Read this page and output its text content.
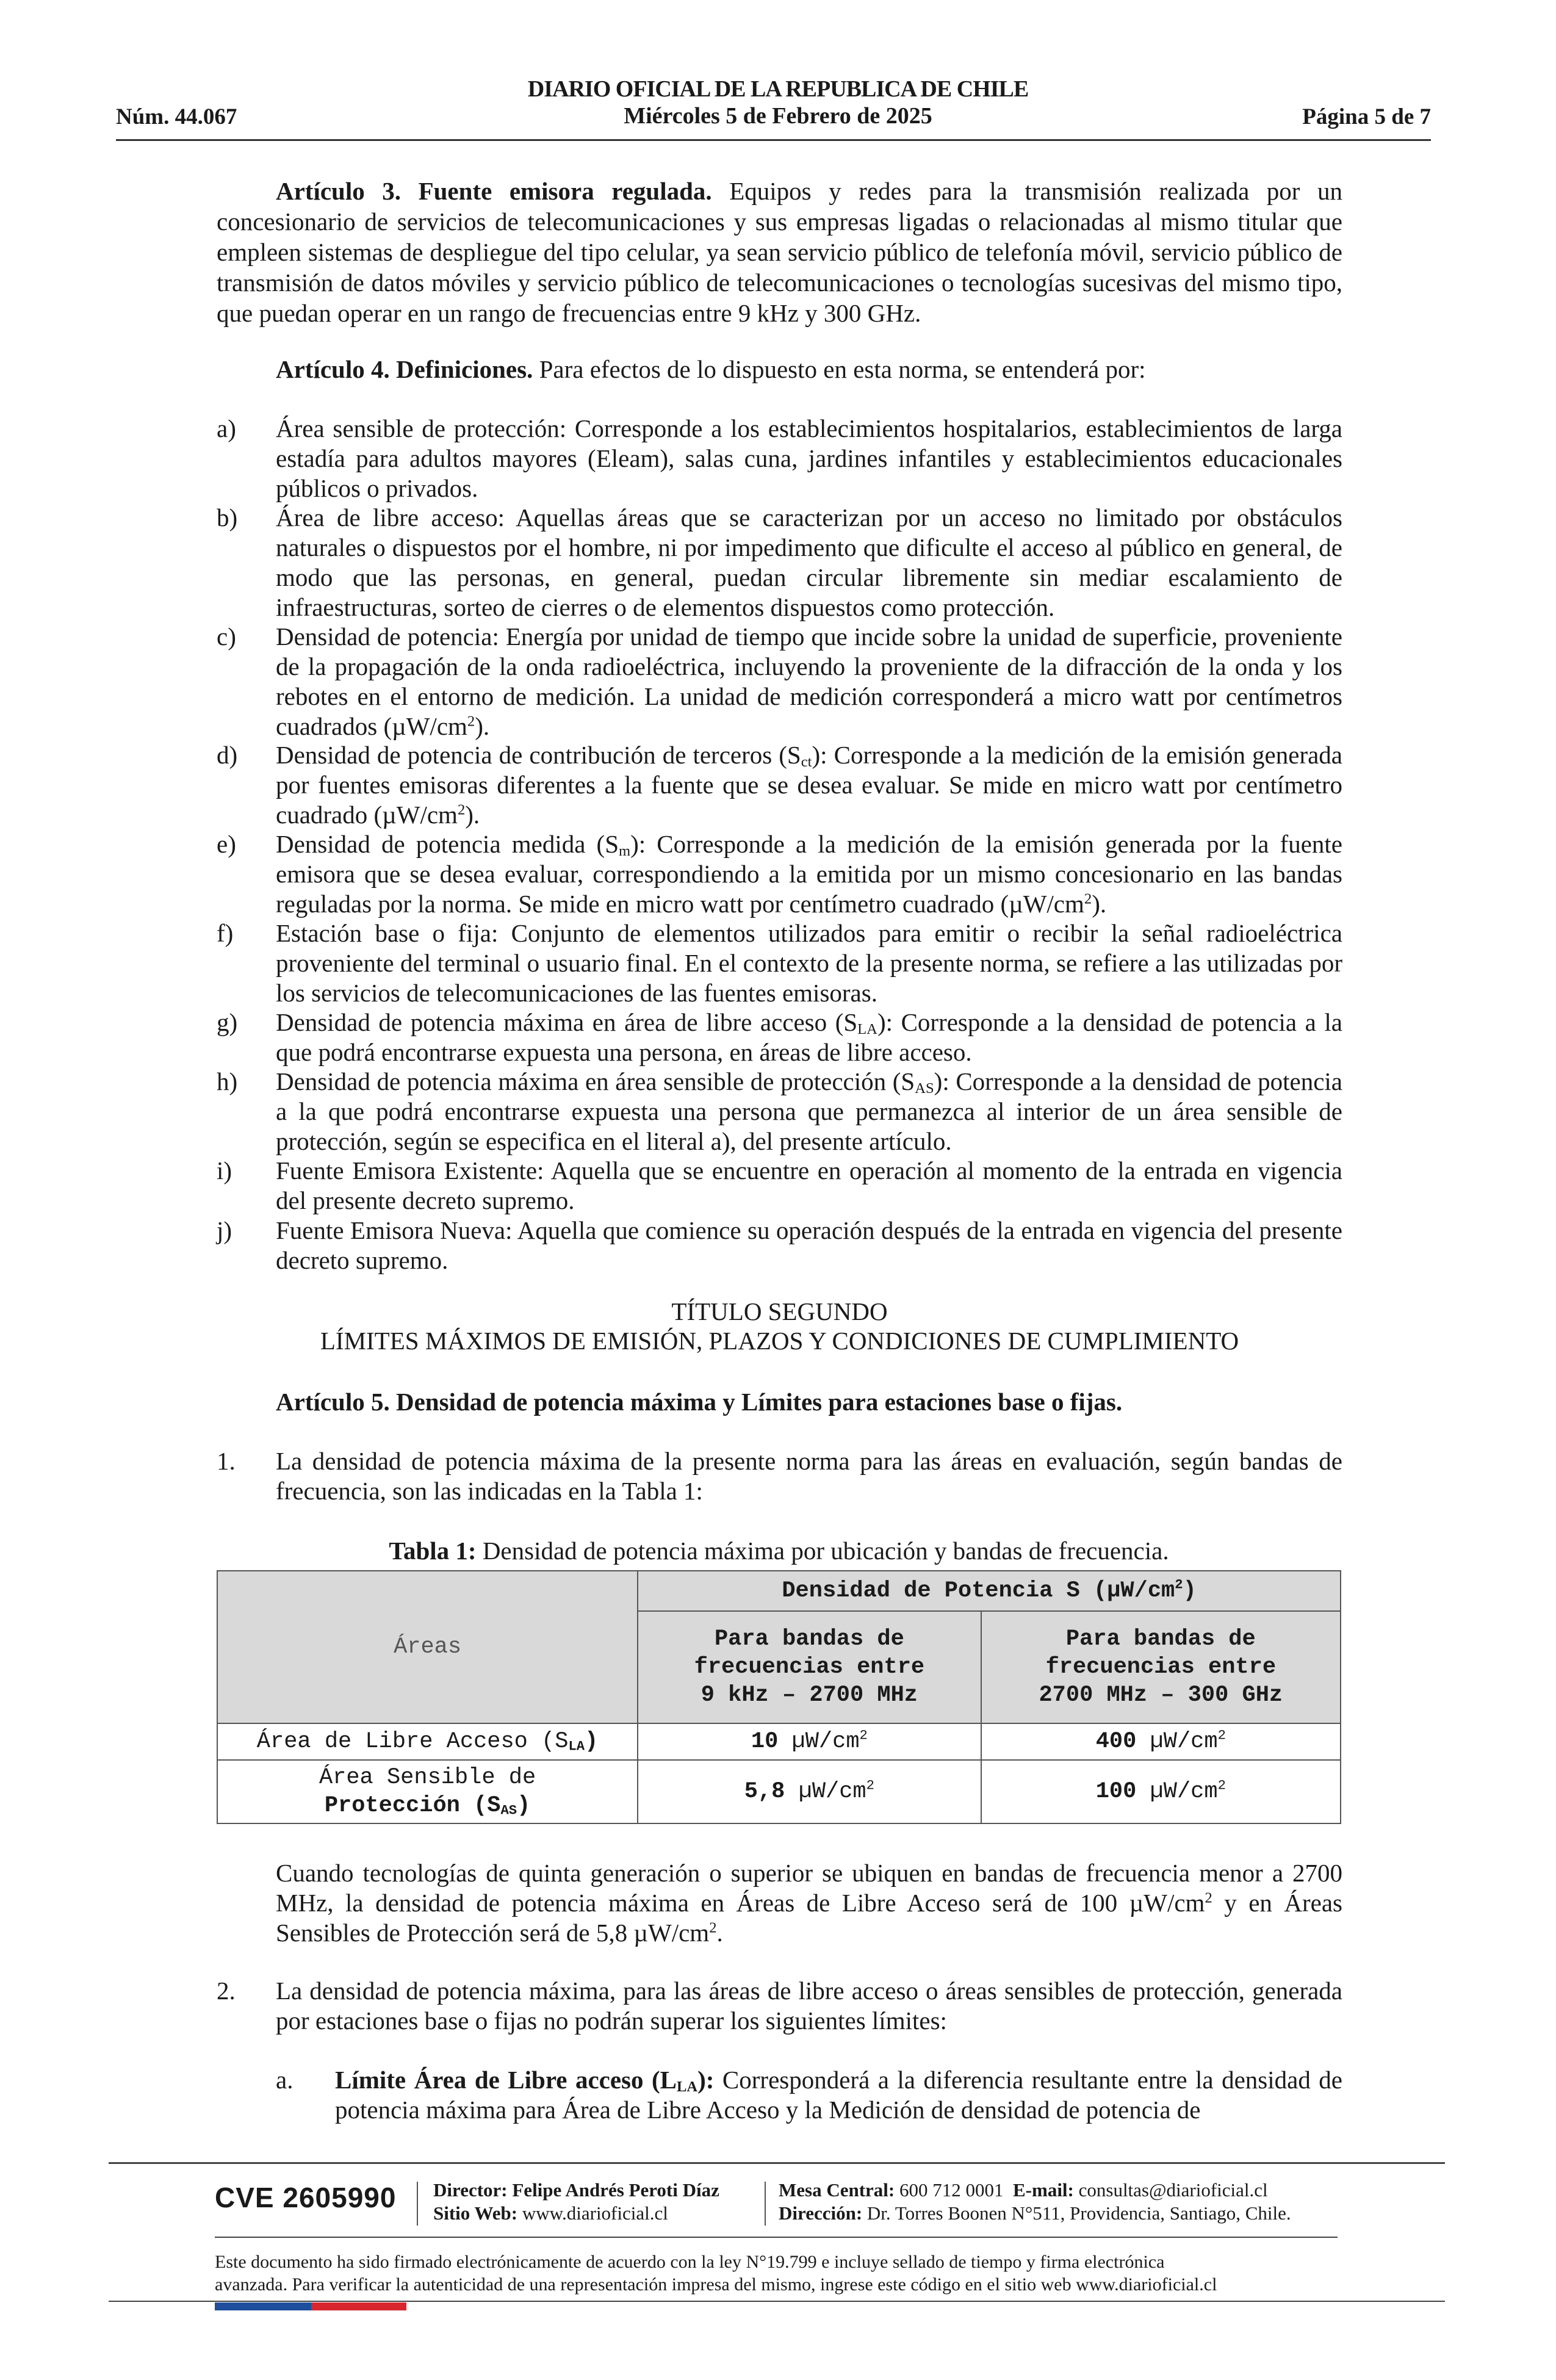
Núm. 44.067
DIARIO OFICIAL DE LA REPUBLICA DE CHILE
Miércoles 5 de Febrero de 2025	Página 5 de 7

Artículo 3. Fuente emisora regulada. Equipos y redes para la transmisión realizada por un concesionario de servicios de telecomunicaciones y sus empresas ligadas o relacionadas al mismo titular que empleen sistemas de despliegue del tipo celular, ya sean servicio público de telefonía móvil, servicio público de transmisión de datos móviles y servicio público de telecomunicaciones o tecnologías sucesivas del mismo tipo, que puedan operar en un rango de frecuencias entre 9 kHz y 300 GHz.

Artículo 4. Definiciones. Para efectos de lo dispuesto en esta norma, se entenderá por:

a) Área sensible de protección: Corresponde a los establecimientos hospitalarios, establecimientos de larga estadía para adultos mayores (Eleam), salas cuna, jardines infantiles y establecimientos educacionales públicos o privados.
b) Área de libre acceso: Aquellas áreas que se caracterizan por un acceso no limitado por obstáculos naturales o dispuestos por el hombre, ni por impedimento que dificulte el acceso al público en general, de modo que las personas, en general, puedan circular libremente sin mediar escalamiento de infraestructuras, sorteo de cierres o de elementos dispuestos como protección.
c) Densidad de potencia: Energía por unidad de tiempo que incide sobre la unidad de superficie, proveniente de la propagación de la onda radioeléctrica, incluyendo la proveniente de la difracción de la onda y los rebotes en el entorno de medición. La unidad de medición corresponderá a micro watt por centímetros cuadrados $(\mu W/cm^2)$.
d) Densidad de potencia de contribución de terceros $(S_{ct})$: Corresponde a la medición de la emisión generada por fuentes emisoras diferentes a la fuente que se desea evaluar. Se mide en micro watt por centímetro cuadrado $(\mu W/cm^2)$.
e) Densidad de potencia medida $(S_m)$: Corresponde a la medición de la emisión generada por la fuente emisora que se desea evaluar, correspondiendo a la emitida por un mismo concesionario en las bandas reguladas por la norma. Se mide en micro watt por centímetro cuadrado $(\mu W/cm^2)$.
f) Estación base o fija: Conjunto de elementos utilizados para emitir o recibir la señal radioeléctrica proveniente del terminal o usuario final. En el contexto de la presente norma, se refiere a las utilizadas por los servicios de telecomunicaciones de las fuentes emisoras.
g) Densidad de potencia máxima en área de libre acceso $(S_{LA})$: Corresponde a la densidad de potencia a la que podrá encontrarse expuesta una persona, en áreas de libre acceso.
h) Densidad de potencia máxima en área sensible de protección $(S_{AS})$: Corresponde a la densidad de potencia a la que podrá encontrarse expuesta una persona que permanezca al interior de un área sensible de protección, según se especifica en el literal a), del presente artículo.
i) Fuente Emisora Existente: Aquella que se encuentre en operación al momento de la entrada en vigencia del presente decreto supremo.
j) Fuente Emisora Nueva: Aquella que comience su operación después de la entrada en vigencia del presente decreto supremo.
TÍTULO SEGUNDO
LÍMITES MÁXIMOS DE EMISIÓN, PLAZOS Y CONDICIONES DE CUMPLIMIENTO

Artículo 5. Densidad de potencia máxima y Límites para estaciones base o fijas.

1. La densidad de potencia máxima de la presente norma para las áreas en evaluación, según bandas de frecuencia, son las indicadas en la Tabla 1:
Tabla 1: Densidad de potencia máxima por ubicación y bandas de frecuencia.
Áreas	Densidad de Potencia S $(\mu W/cm^2)$	
	Para bandas de
frecuencias entre
9 kHz – 2700 MHz	Para bandas de
frecuencias entre
2700 MHz – 300 GHz
Área de Libre Acceso $(S_{LA})$	10 $\mu W/cm^2$	400 $\mu W/cm^2$
Área Sensible de
Protección $(S_{AS})$	5,8 $\mu W/cm^2$	100 $\mu W/cm^2$

Cuando tecnologías de quinta generación o superior se ubiquen en bandas de frecuencia menor a 2700 MHz, la densidad de potencia máxima en Áreas de Libre Acceso será de 100 $\mu W/cm^2$ y en Áreas Sensibles de Protección será de 5,8 $\mu W/cm^2$.

2. La densidad de potencia máxima, para las áreas de libre acceso o áreas sensibles de protección, generada por estaciones base o fijas no podrán superar los siguientes límites:
a. Límite Área de Libre acceso $(L_{LA})$: Corresponderá a la diferencia resultante entre la densidad de potencia máxima para Área de Libre Acceso y la Medición de densidad de potencia de
CVE 2605990 Director: Felipe Andrés Peroti Díaz
Sitio Web: www.diarioficial.cl
Mesa Central: 600 712 0001 E-mail: consultas@diarioficial.cl
Dirección: Dr. Torres Boonen N°511, Providencia, Santiago, Chile.
Este documento ha sido firmado electrónicamente de acuerdo con la ley N°19.799 e incluye sellado de tiempo y firma electrónica
avanzada. Para verificar la autenticidad de una representación impresa del mismo, ingrese este código en el sitio web www.diarioficial.cl
